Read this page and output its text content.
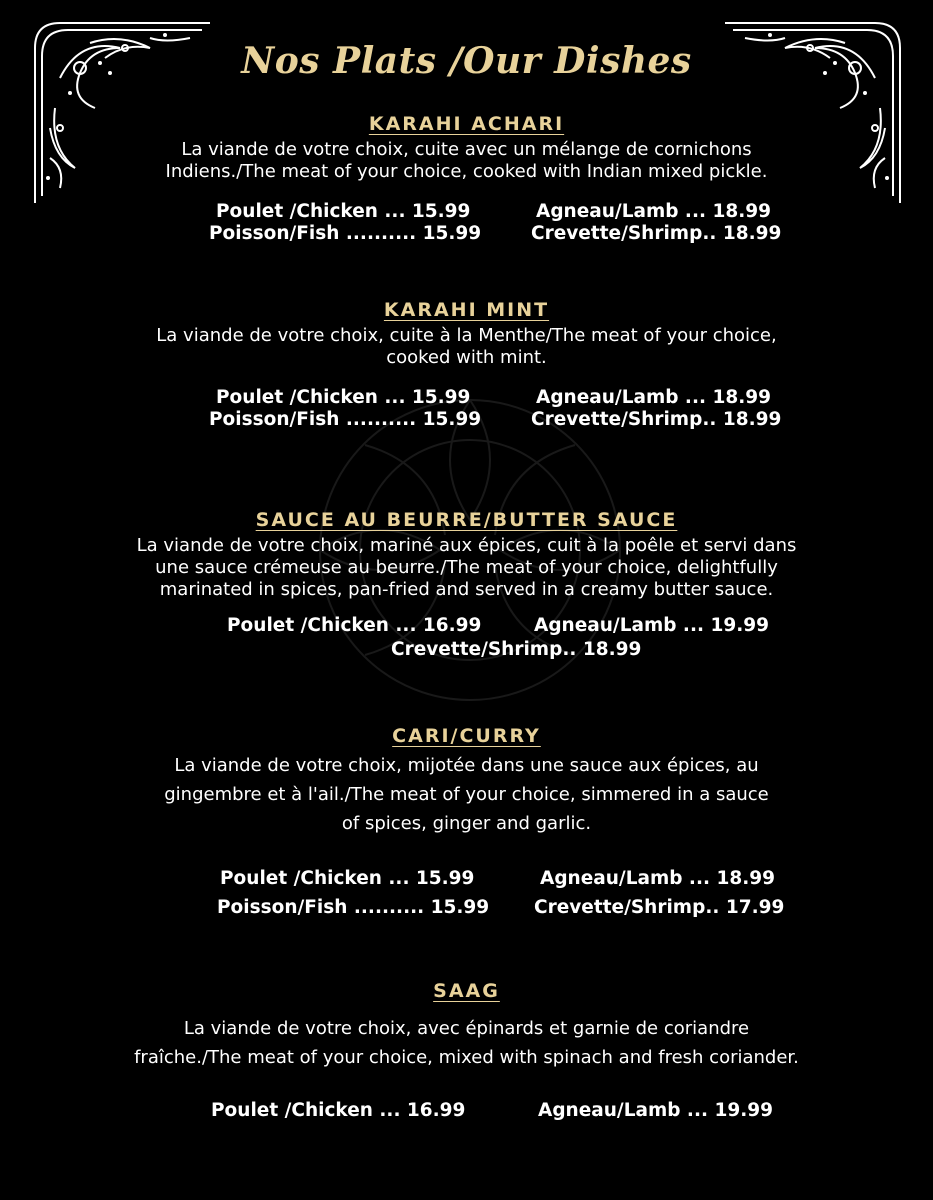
Nos Plats /Our Dishes
KARAHI ACHARI
La viande de votre choix, cuite avec un mélange de cornichons
Indiens./The meat of your choice, cooked with Indian mixed pickle.
Poulet /Chicken ... 15.99	Agneau/Lamb ... 18.99
Poisson/Fish .......... 15.99	Crevette/Shrimp.. 18.99
KARAHI MINT
La viande de votre choix, cuite à la Menthe/The meat of your choice,
cooked with mint.
Poulet /Chicken ... 15.99	Agneau/Lamb ... 18.99
Poisson/Fish .......... 15.99	Crevette/Shrimp.. 18.99
SAUCE AU BEURRE/BUTTER SAUCE
La viande de votre choix, mariné aux épices, cuit à la poêle et servi dans
une sauce crémeuse au beurre./The meat of your choice, delightfully
marinated in spices, pan-fried and served in a creamy butter sauce.
Poulet /Chicken ... 16.99	Agneau/Lamb ... 19.99
Crevette/Shrimp.. 18.99
CARI/CURRY
La viande de votre choix, mijotée dans une sauce aux épices, au
gingembre et à l'ail./The meat of your choice, simmered in a sauce
of spices, ginger and garlic.
Poulet /Chicken ... 15.99	Agneau/Lamb ... 18.99
Poisson/Fish .......... 15.99 Crevette/Shrimp.. 17.99
SAAG
La viande de votre choix, avec épinards et garnie de coriandre
fraîche./The meat of your choice, mixed with spinach and fresh coriander.
Poulet /Chicken ... 16.99	Agneau/Lamb ... 19.99
